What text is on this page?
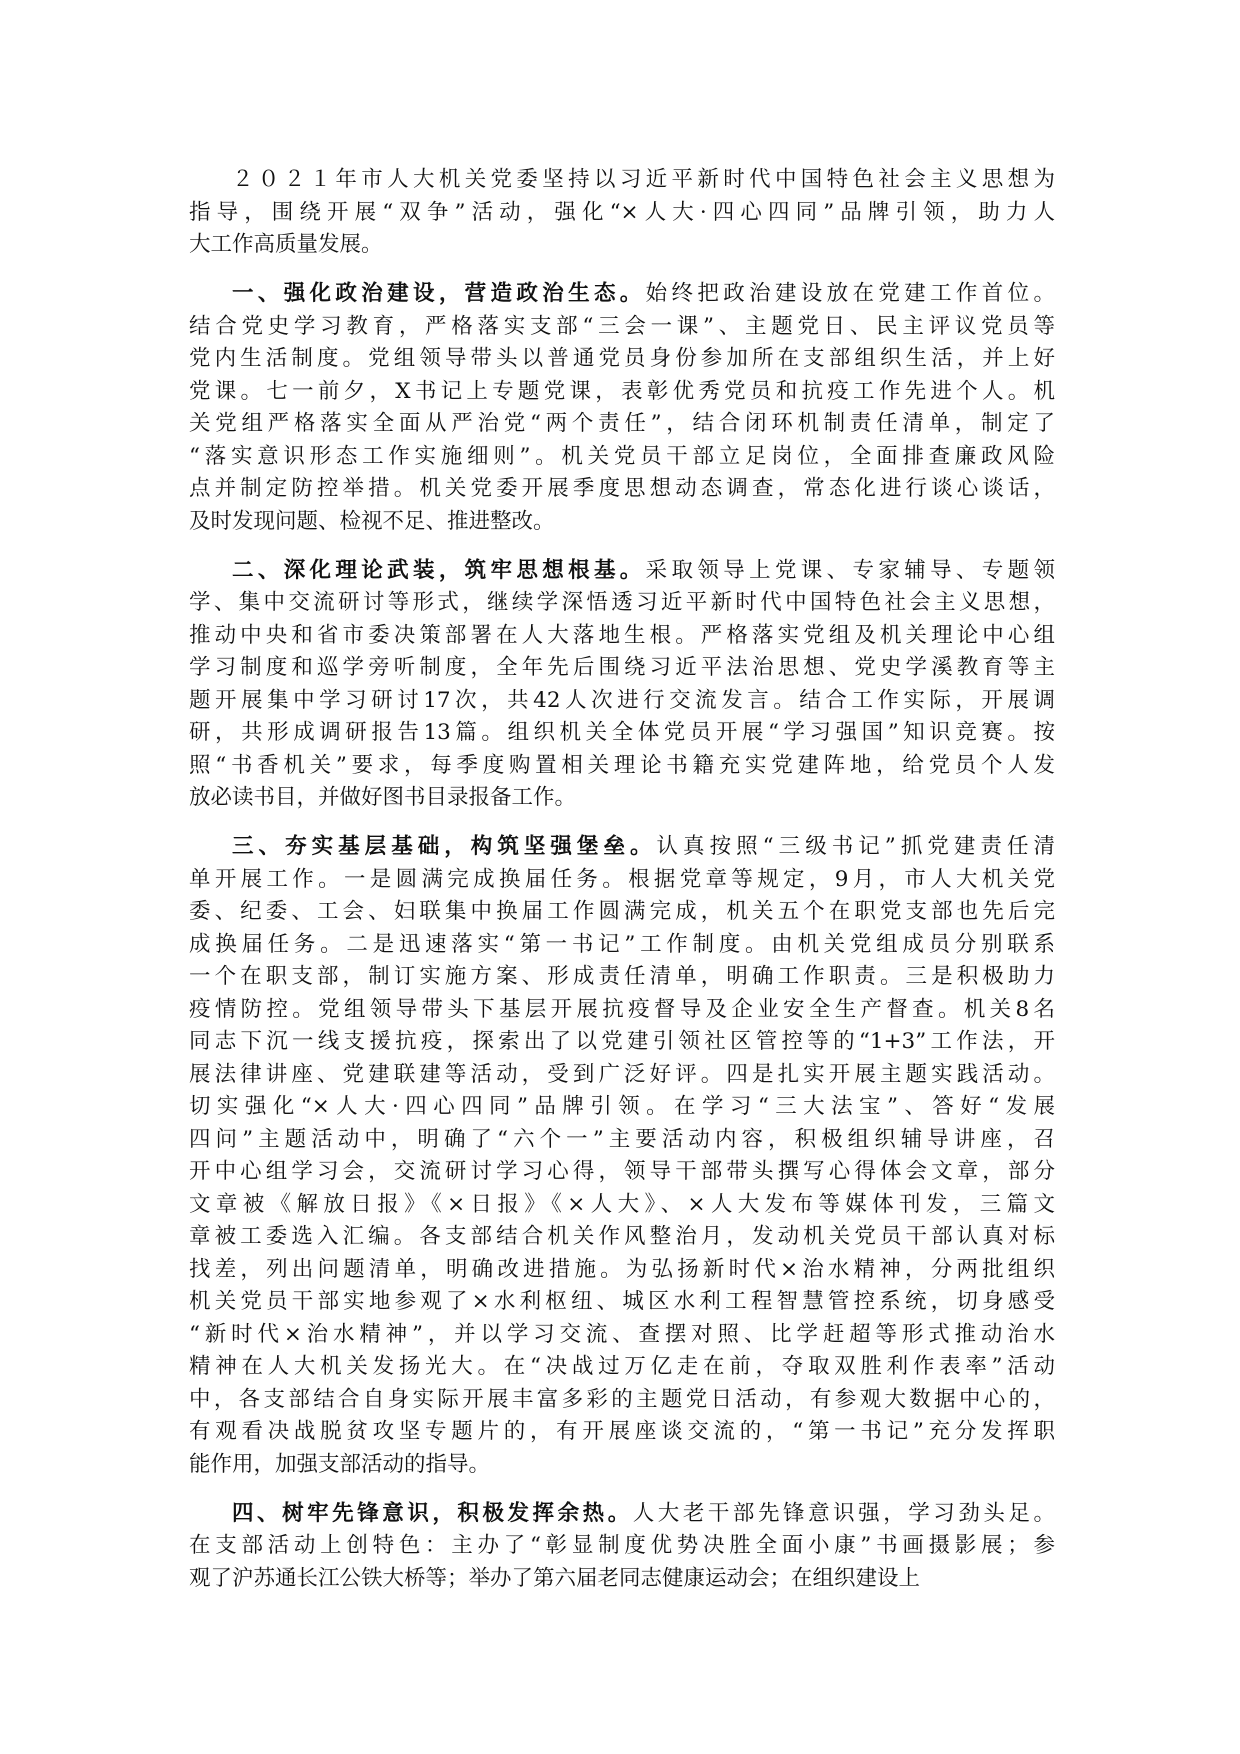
２０２１年市人大机关党委坚持以习近平新时代中国特色社会主义思想为
指导，围绕开展“双争”活动，强化“×人大·四心四同”品牌引领，助力人
大工作高质量发展。
一、强化政治建设，营造政治生态。始终把政治建设放在党建工作首位。
结合党史学习教育，严格落实支部“三会一课”、主题党日、民主评议党员等
党内生活制度。党组领导带头以普通党员身份参加所在支部组织生活，并上好
党课。七一前夕，X书记上专题党课，表彰优秀党员和抗疫工作先进个人。机
关党组严格落实全面从严治党“两个责任”，结合闭环机制责任清单，制定了
“落实意识形态工作实施细则”。机关党员干部立足岗位，全面排查廉政风险
点并制定防控举措。机关党委开展季度思想动态调查，常态化进行谈心谈话，
及时发现问题、检视不足、推进整改。
二、深化理论武装，筑牢思想根基。采取领导上党课、专家辅导、专题领
学、集中交流研讨等形式，继续学深悟透习近平新时代中国特色社会主义思想，
推动中央和省市委决策部署在人大落地生根。严格落实党组及机关理论中心组
学习制度和巡学旁听制度，全年先后围绕习近平法治思想、党史学溪教育等主
题开展集中学习研讨17次，共42人次进行交流发言。结合工作实际，开展调
研，共形成调研报告13篇。组织机关全体党员开展“学习强国”知识竞赛。按
照“书香机关”要求，每季度购置相关理论书籍充实党建阵地，给党员个人发
放必读书目，并做好图书目录报备工作。
三、夯实基层基础，构筑坚强堡垒。认真按照“三级书记”抓党建责任清
单开展工作。一是圆满完成换届任务。根据党章等规定，9月，市人大机关党
委、纪委、工会、妇联集中换届工作圆满完成，机关五个在职党支部也先后完
成换届任务。二是迅速落实“第一书记”工作制度。由机关党组成员分别联系
一个在职支部，制订实施方案、形成责任清单，明确工作职责。三是积极助力
疫情防控。党组领导带头下基层开展抗疫督导及企业安全生产督查。机关8名
同志下沉一线支援抗疫，探索出了以党建引领社区管控等的“1+3”工作法，开
展法律讲座、党建联建等活动，受到广泛好评。四是扎实开展主题实践活动。
切实强化“×人大·四心四同”品牌引领。在学习“三大法宝”、答好“发展
四问”主题活动中，明确了“六个一”主要活动内容，积极组织辅导讲座，召
开中心组学习会，交流研讨学习心得，领导干部带头撰写心得体会文章，部分
文章被《解放日报》《×日报》《×人大》、×人大发布等媒体刊发，三篇文
章被工委选入汇编。各支部结合机关作风整治月，发动机关党员干部认真对标
找差，列出问题清单，明确改进措施。为弘扬新时代×治水精神，分两批组织
机关党员干部实地参观了×水利枢纽、城区水利工程智慧管控系统，切身感受
“新时代×治水精神”，并以学习交流、查摆对照、比学赶超等形式推动治水
精神在人大机关发扬光大。在“决战过万亿走在前，夺取双胜利作表率”活动
中，各支部结合自身实际开展丰富多彩的主题党日活动，有参观大数据中心的，
有观看决战脱贫攻坚专题片的，有开展座谈交流的，“第一书记”充分发挥职
能作用，加强支部活动的指导。
四、树牢先锋意识，积极发挥余热。人大老干部先锋意识强，学习劲头足。
在支部活动上创特色：主办了“彰显制度优势决胜全面小康”书画摄影展；参
观了沪苏通长江公铁大桥等；举办了第六届老同志健康运动会；在组织建设上
